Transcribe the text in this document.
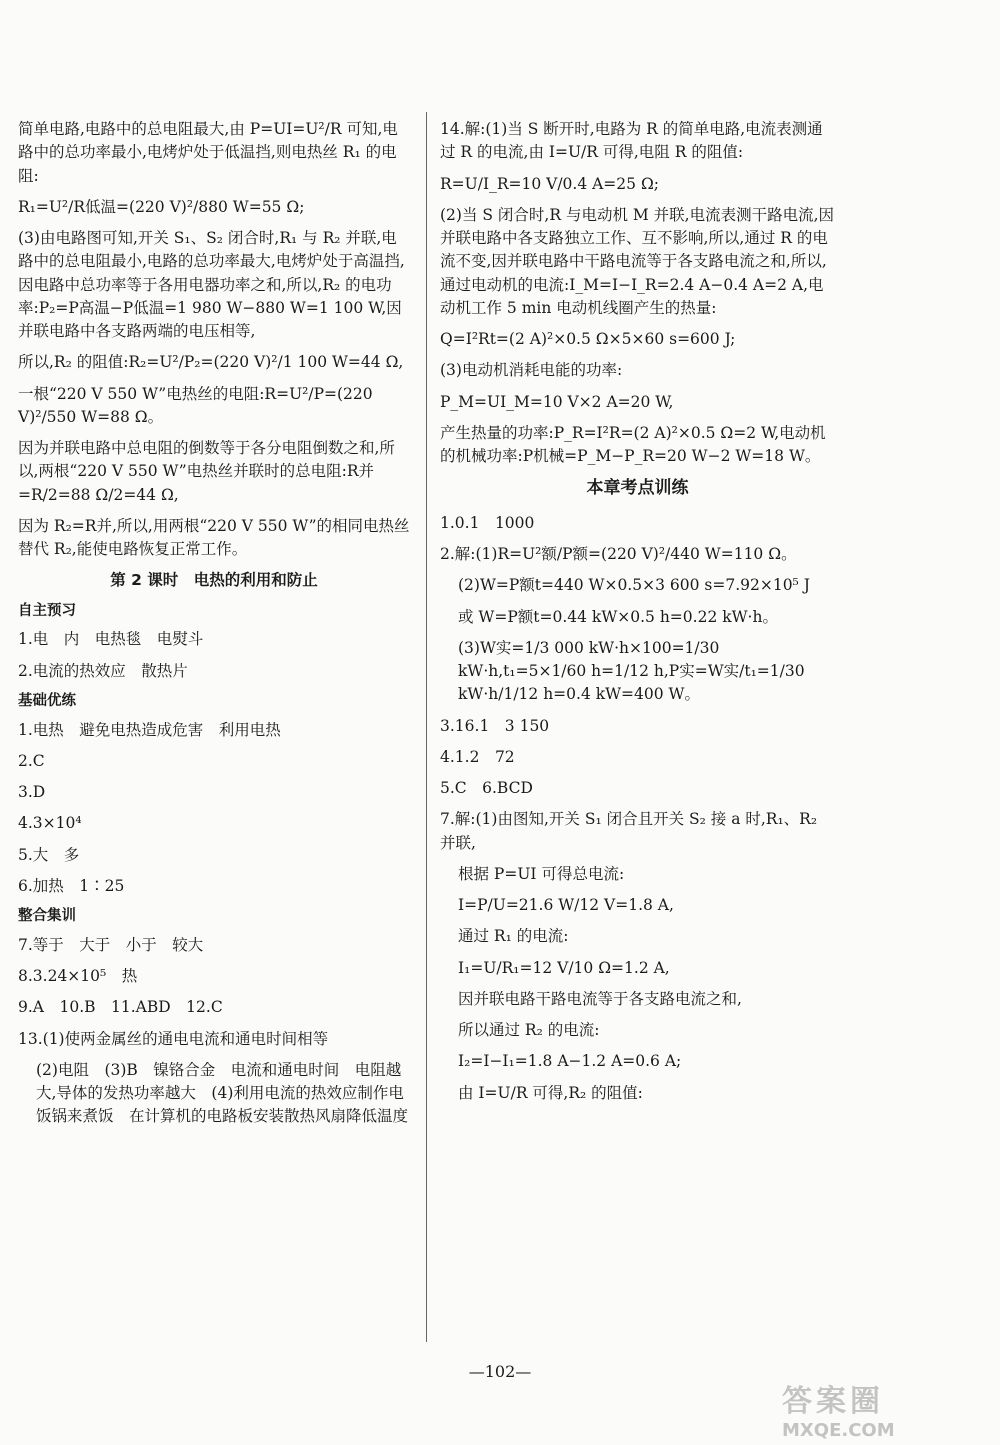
简单电路,电路中的总电阻最大,由 P=UI=U²/R 可知,电路中的总功率最小,电烤炉处于低温挡,则电热丝 R₁ 的电阻:

R₁=U²/R低温=(220 V)²/880 W=55 Ω;

(3)由电路图可知,开关 S₁、S₂ 闭合时,R₁ 与 R₂ 并联,电路中的总电阻最小,电路的总功率最大,电烤炉处于高温挡,因电路中总功率等于各用电器功率之和,所以,R₂ 的电功率:P₂=P高温−P低温=1 980 W−880 W=1 100 W,因并联电路中各支路两端的电压相等,

所以,R₂ 的阻值:R₂=U²/P₂=(220 V)²/1 100 W=44 Ω,

一根“220 V 550 W”电热丝的电阻:R=U²/P=(220 V)²/550 W=88 Ω。

因为并联电路中总电阻的倒数等于各分电阻倒数之和,所以,两根“220 V 550 W”电热丝并联时的总电阻:R并=R/2=88 Ω/2=44 Ω,

因为 R₂=R并,所以,用两根“220 V 550 W”的相同电热丝替代 R₂,能使电路恢复正常工作。

第 2 课时　电热的利用和防止
自主预习

1.电　内　电热毯　电熨斗

2.电流的热效应　散热片

基础优练

1.电热　避免电热造成危害　利用电热

2.C

3.D

4.3×10⁴

5.大　多

6.加热　1∶25

整合集训

7.等于　大于　小于　较大

8.3.24×10⁵　热

9.A　10.B　11.ABD　12.C

13.(1)使两金属丝的通电电流和通电时间相等

(2)电阻　(3)B　镍铬合金　电流和通电时间　电阻越大,导体的发热功率越大　(4)利用电流的热效应制作电饭锅来煮饭　在计算机的电路板安装散热风扇降低温度

14.解:(1)当 S 断开时,电路为 R 的简单电路,电流表测通过 R 的电流,由 I=U/R 可得,电阻 R 的阻值:

R=U/I_R=10 V/0.4 A=25 Ω;

(2)当 S 闭合时,R 与电动机 M 并联,电流表测干路电流,因并联电路中各支路独立工作、互不影响,所以,通过 R 的电流不变,因并联电路中干路电流等于各支路电流之和,所以,通过电动机的电流:I_M=I−I_R=2.4 A−0.4 A=2 A,电动机工作 5 min 电动机线圈产生的热量:

Q=I²Rt=(2 A)²×0.5 Ω×5×60 s=600 J;

(3)电动机消耗电能的功率:

P_M=UI_M=10 V×2 A=20 W,

产生热量的功率:P_R=I²R=(2 A)²×0.5 Ω=2 W,电动机的机械功率:P机械=P_M−P_R=20 W−2 W=18 W。

本章考点训练

1.0.1　1000

2.解:(1)R=U²额/P额=(220 V)²/440 W=110 Ω。

(2)W=P额t=440 W×0.5×3 600 s=7.92×10⁵ J

或 W=P额t=0.44 kW×0.5 h=0.22 kW·h。

(3)W实=1/3 000 kW·h×100=1/30 kW·h,t₁=5×1/60 h=1/12 h,P实=W实/t₁=1/30 kW·h/1/12 h=0.4 kW=400 W。

3.16.1　3 150

4.1.2　72

5.C　6.BCD

7.解:(1)由图知,开关 S₁ 闭合且开关 S₂ 接 a 时,R₁、R₂ 并联,

根据 P=UI 可得总电流:

I=P/U=21.6 W/12 V=1.8 A,

通过 R₁ 的电流:

I₁=U/R₁=12 V/10 Ω=1.2 A,

因并联电路干路电流等于各支路电流之和,

所以通过 R₂ 的电流:

I₂=I−I₁=1.8 A−1.2 A=0.6 A;

由 I=U/R 可得,R₂ 的阻值:

—102—
答案圈
MXQE.COM
